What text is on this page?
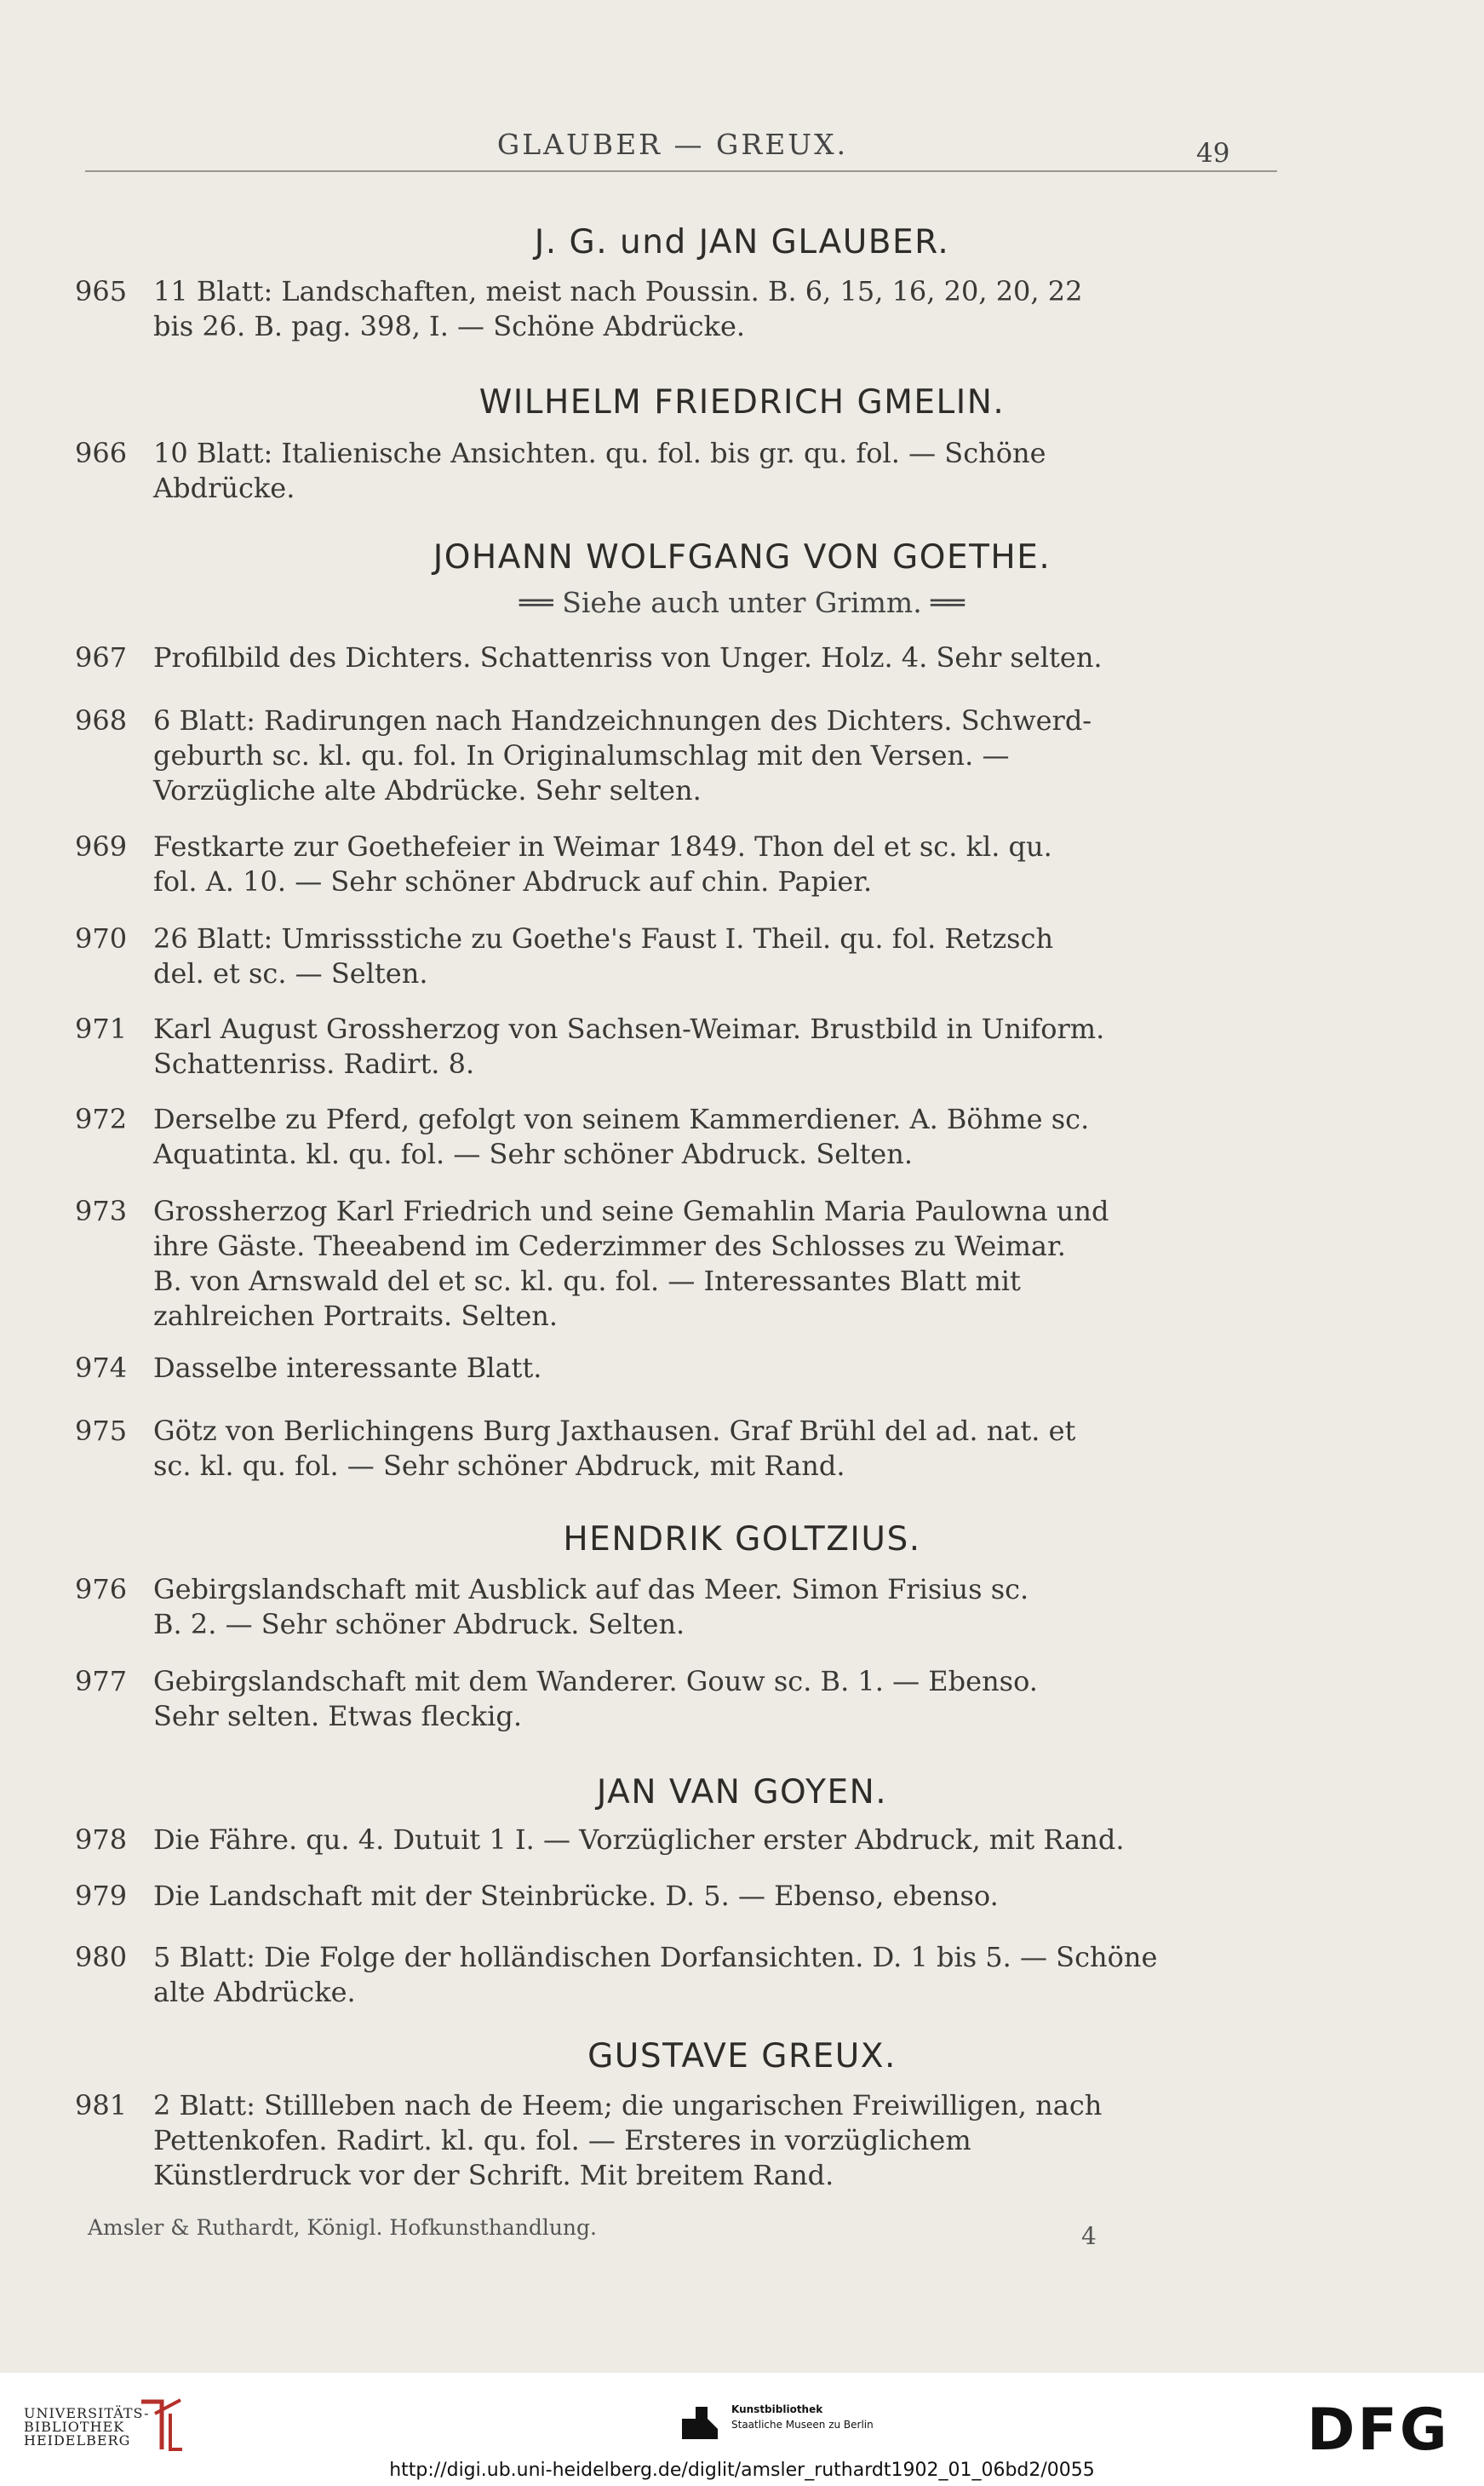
GLAUBER — GREUX.	49
J. G. und JAN GLAUBER.
965 11 Blatt: Landschaften, meist nach Poussin. B. 6, 15, 16, 20, 20, 22
bis 26. B. pag. 398, I. — Schöne Abdrücke.
WILHELM FRIEDRICH GMELIN.
966 10 Blatt: Italienische Ansichten. qu. fol. bis gr. qu. fol. — Schöne
Abdrücke.
JOHANN WOLFGANG VON GOETHE.
══ Siehe auch unter Grimm. ══
967 Profilbild des Dichters. Schattenriss von Unger. Holz. 4. Sehr selten.
968 6 Blatt: Radirungen nach Handzeichnungen des Dichters. Schwerd-
geburth sc. kl. qu. fol. In Originalumschlag mit den Versen. —
Vorzügliche alte Abdrücke. Sehr selten.
969 Festkarte zur Goethefeier in Weimar 1849. Thon del et sc. kl. qu.
fol. A. 10. — Sehr schöner Abdruck auf chin. Papier.
970 26 Blatt: Umrissstiche zu Goethe's Faust I. Theil. qu. fol. Retzsch
del. et sc. — Selten.
971 Karl August Grossherzog von Sachsen-Weimar. Brustbild in Uniform.
Schattenriss. Radirt. 8.
972 Derselbe zu Pferd, gefolgt von seinem Kammerdiener. A. Böhme sc.
Aquatinta. kl. qu. fol. — Sehr schöner Abdruck. Selten.
973 Grossherzog Karl Friedrich und seine Gemahlin Maria Paulowna und
ihre Gäste. Theeabend im Cederzimmer des Schlosses zu Weimar.
B. von Arnswald del et sc. kl. qu. fol. — Interessantes Blatt mit
zahlreichen Portraits. Selten.
974 Dasselbe interessante Blatt.
975 Götz von Berlichingens Burg Jaxthausen. Graf Brühl del ad. nat. et
sc. kl. qu. fol. — Sehr schöner Abdruck, mit Rand.
HENDRIK GOLTZIUS.
976 Gebirgslandschaft mit Ausblick auf das Meer. Simon Frisius sc.
B. 2. — Sehr schöner Abdruck. Selten.
977 Gebirgslandschaft mit dem Wanderer. Gouw sc. B. 1. — Ebenso.
Sehr selten. Etwas fleckig.
JAN VAN GOYEN.
978 Die Fähre. qu. 4. Dutuit 1 I. — Vorzüglicher erster Abdruck, mit Rand.
979 Die Landschaft mit der Steinbrücke. D. 5. — Ebenso, ebenso.
980 5 Blatt: Die Folge der holländischen Dorfansichten. D. 1 bis 5. — Schöne
alte Abdrücke.
GUSTAVE GREUX.
981 2 Blatt: Stillleben nach de Heem; die ungarischen Freiwilligen, nach
Pettenkofen. Radirt. kl. qu. fol. — Ersteres in vorzüglichem
Künstlerdruck vor der Schrift. Mit breitem Rand.
Amsler & Ruthardt, Königl. Hofkunsthandlung.	4
UNIVERSITÄTS-
BIBLIOTHEK
HEIDELBERG
Kunstbibliothek
Staatliche Museen zu Berlin	DFG
http://digi.ub.uni-heidelberg.de/diglit/amsler_ruthardt1902_01_06bd2/0055
